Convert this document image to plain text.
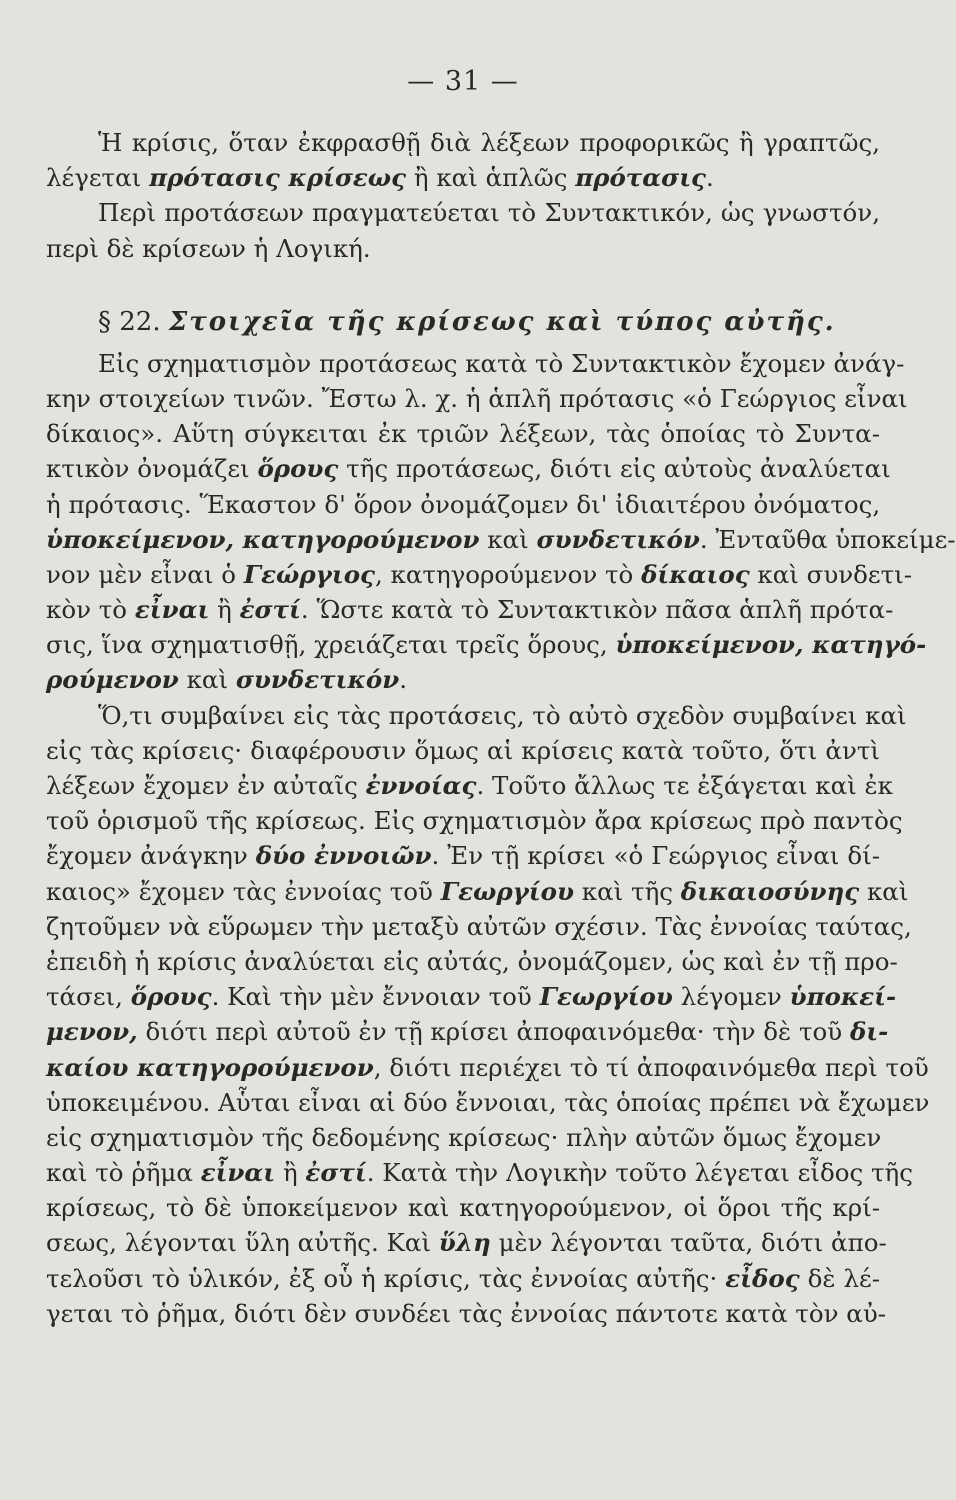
— 31 —
Ἡ κρίσις, ὅταν ἐκφρασθῇ διὰ λέξεων προφορικῶς ἢ γραπτῶς,
λέγεται πρότασις κρίσεως ἢ καὶ ἁπλῶς πρότασις.
Περὶ προτάσεων πραγματεύεται τὸ Συντακτικόν, ὡς γνωστόν,
περὶ δὲ κρίσεων ἡ Λογική.
§ 22. Στοιχεῖα τῆς κρίσεως καὶ τύπος αὐτῆς.
Εἰς σχηματισμὸν προτάσεως κατὰ τὸ Συντακτικὸν ἔχομεν ἀνάγ-
κην στοιχείων τινῶν. Ἔστω λ. χ. ἡ ἁπλῆ πρότασις «ὁ Γεώργιος εἶναι
δίκαιος». Αὕτη σύγκειται ἐκ τριῶν λέξεων, τὰς ὁποίας τὸ Συντα-
κτικὸν ὀνομάζει ὅρους τῆς προτάσεως, διότι εἰς αὐτοὺς ἀναλύεται
ἡ πρότασις. Ἕκαστον δ' ὅρον ὀνομάζομεν δι' ἰδιαιτέρου ὀνόματος,
ὑποκείμενον, κατηγορούμενον καὶ συνδετικόν. Ἐνταῦθα ὑποκείμε-
νον μὲν εἶναι ὁ Γεώργιος, κατηγορούμενον τὸ δίκαιος καὶ συνδετι-
κὸν τὸ εἶναι ἢ ἐστί. Ὥστε κατὰ τὸ Συντακτικὸν πᾶσα ἁπλῆ πρότα-
σις, ἵνα σχηματισθῇ, χρειάζεται τρεῖς ὅρους, ὑποκείμενον, κατηγό-
ρούμενον καὶ συνδετικόν.
Ὅ,τι συμβαίνει εἰς τὰς προτάσεις, τὸ αὐτὸ σχεδὸν συμβαίνει καὶ
εἰς τὰς κρίσεις· διαφέρουσιν ὅμως αἱ κρίσεις κατὰ τοῦτο, ὅτι ἀντὶ
λέξεων ἔχομεν ἐν αὐταῖς ἐννοίας. Τοῦτο ἄλλως τε ἐξάγεται καὶ ἐκ
τοῦ ὁρισμοῦ τῆς κρίσεως. Εἰς σχηματισμὸν ἄρα κρίσεως πρὸ παντὸς
ἔχομεν ἀνάγκην δύο ἐννοιῶν. Ἐν τῇ κρίσει «ὁ Γεώργιος εἶναι δί-
καιος» ἔχομεν τὰς ἐννοίας τοῦ Γεωργίου καὶ τῆς δικαιοσύνης καὶ
ζητοῦμεν νὰ εὕρωμεν τὴν μεταξὺ αὐτῶν σχέσιν. Τὰς ἐννοίας ταύτας,
ἐπειδὴ ἡ κρίσις ἀναλύεται εἰς αὐτάς, ὀνομάζομεν, ὡς καὶ ἐν τῇ προ-
τάσει, ὅρους. Καὶ τὴν μὲν ἔννοιαν τοῦ Γεωργίου λέγομεν ὑποκεί-
μενον, διότι περὶ αὐτοῦ ἐν τῇ κρίσει ἀποφαινόμεθα· τὴν δὲ τοῦ δι-
καίου κατηγορούμενον, διότι περιέχει τὸ τί ἀποφαινόμεθα περὶ τοῦ
ὑποκειμένου. Αὗται εἶναι αἱ δύο ἔννοιαι, τὰς ὁποίας πρέπει νὰ ἔχωμεν
εἰς σχηματισμὸν τῆς δεδομένης κρίσεως· πλὴν αὐτῶν ὅμως ἔχομεν
καὶ τὸ ῥῆμα εἶναι ἢ ἐστί. Κατὰ τὴν Λογικὴν τοῦτο λέγεται εἶδος τῆς
κρίσεως, τὸ δὲ ὑποκείμενον καὶ κατηγορούμενον, οἱ ὅροι τῆς κρί-
σεως, λέγονται ὕλη αὐτῆς. Καὶ ὕλη μὲν λέγονται ταῦτα, διότι ἀπο-
τελοῦσι τὸ ὑλικόν, ἐξ οὗ ἡ κρίσις, τὰς ἐννοίας αὐτῆς· εἶδος δὲ λέ-
γεται τὸ ῥῆμα, διότι δὲν συνδέει τὰς ἐννοίας πάντοτε κατὰ τὸν αὐ-
